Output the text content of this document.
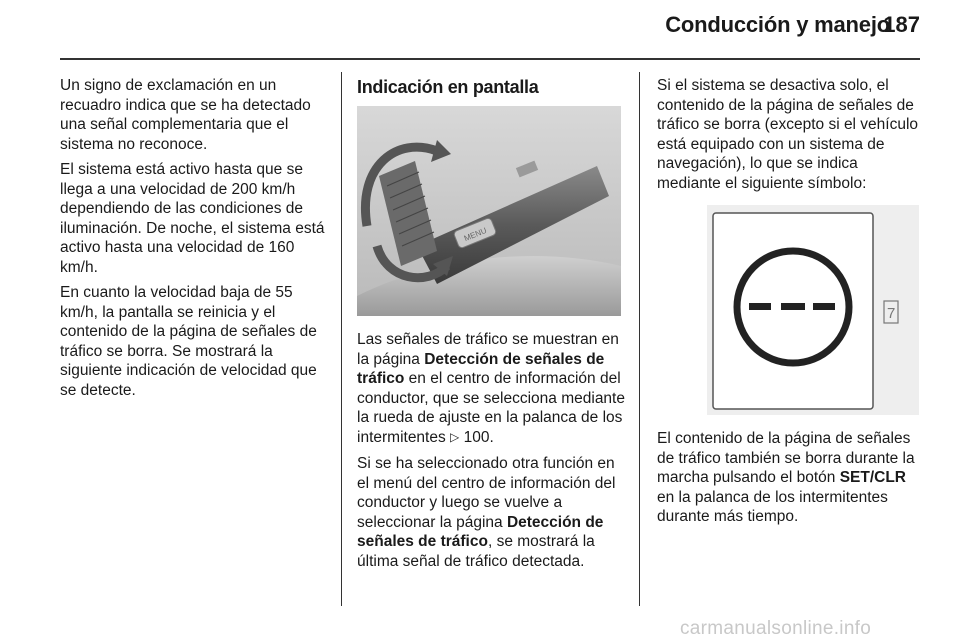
Conducción y manejo
187

Un signo de exclamación en un recuadro indica que se ha detectado una señal complementaria que el sistema no reconoce.

El sistema está activo hasta que se llega a una velocidad de 200 km/h dependiendo de las condiciones de iluminación. De noche, el sistema está activo hasta una velocidad de 160 km/h.

En cuanto la velocidad baja de 55 km/h, la pantalla se reinicia y el contenido de la página de señales de tráfico se borra. Se mostrará la siguiente indicación de velocidad que se detecte.

Indicación en pantalla
MENU

Las señales de tráfico se muestran en la página Detección de señales de tráfico en el centro de información del conductor, que se selecciona mediante la rueda de ajuste en la palanca de los intermitentes ▷ 100.

Si se ha seleccionado otra función en el menú del centro de información del conductor y luego se vuelve a seleccionar la página Detección de señales de tráfico, se mostrará la última señal de tráfico detectada.

Si el sistema se desactiva solo, el contenido de la página de señales de tráfico se borra (excepto si el vehículo está equipado con un sistema de navegación), lo que se indica mediante el siguiente símbolo:

7

El contenido de la página de señales de tráfico también se borra durante la marcha pulsando el botón SET/CLR en la palanca de los intermitentes durante más tiempo.

carmanualsonline.info
